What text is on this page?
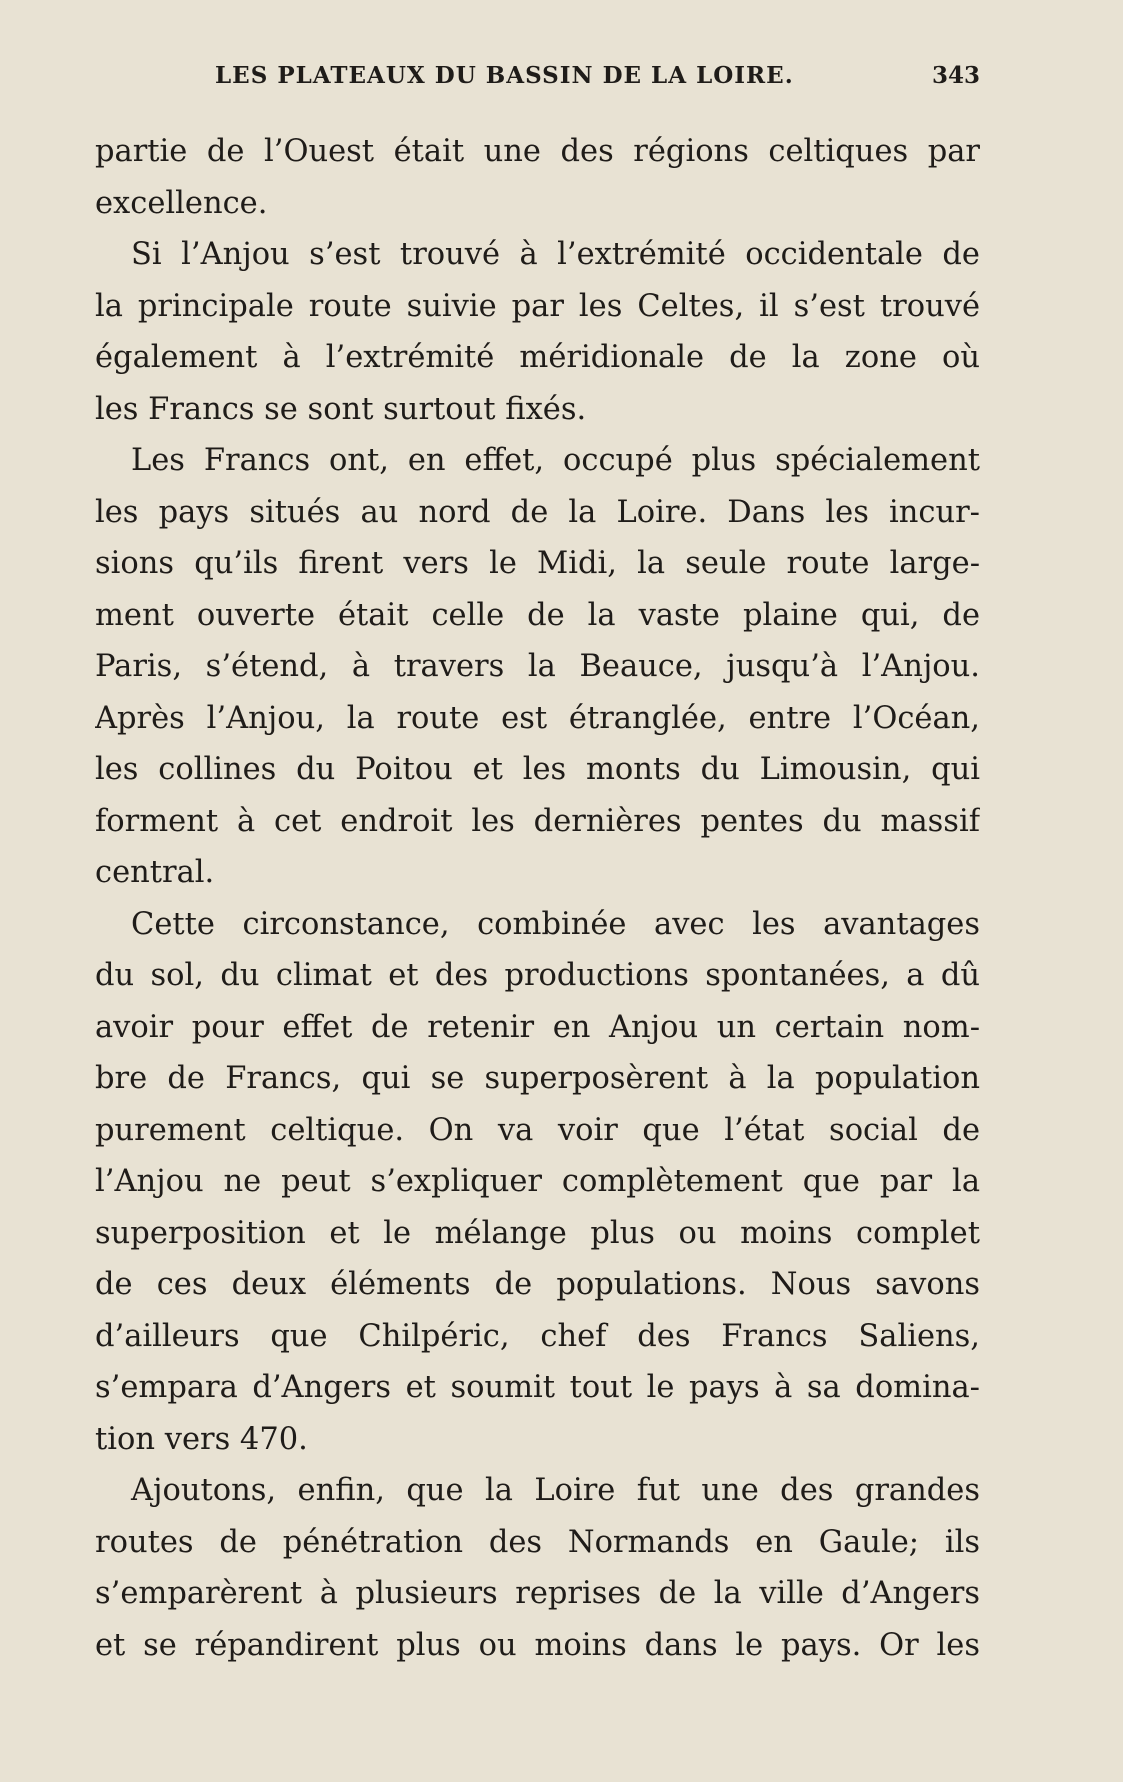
LES PLATEAUX DU BASSIN DE LA LOIRE.	343
partie de l’Ouest était une des régions celtiques par
excellence.
Si l’Anjou s’est trouvé à l’extrémité occidentale de
la principale route suivie par les Celtes, il s’est trouvé
également à l’extrémité méridionale de la zone où
les Francs se sont surtout fixés.
Les Francs ont, en effet, occupé plus spécialement
les pays situés au nord de la Loire. Dans les incur-
sions qu’ils firent vers le Midi, la seule route large-
ment ouverte était celle de la vaste plaine qui, de
Paris, s’étend, à travers la Beauce, jusqu’à l’Anjou.
Après l’Anjou, la route est étranglée, entre l’Océan,
les collines du Poitou et les monts du Limousin, qui
forment à cet endroit les dernières pentes du massif
central.
Cette circonstance, combinée avec les avantages
du sol, du climat et des productions spontanées, a dû
avoir pour effet de retenir en Anjou un certain nom-
bre de Francs, qui se superposèrent à la population
purement celtique. On va voir que l’état social de
l’Anjou ne peut s’expliquer complètement que par la
superposition et le mélange plus ou moins complet
de ces deux éléments de populations. Nous savons
d’ailleurs que Chilpéric, chef des Francs Saliens,
s’empara d’Angers et soumit tout le pays à sa domina-
tion vers 470.
Ajoutons, enfin, que la Loire fut une des grandes
routes de pénétration des Normands en Gaule; ils
s’emparèrent à plusieurs reprises de la ville d’Angers
et se répandirent plus ou moins dans le pays. Or les
